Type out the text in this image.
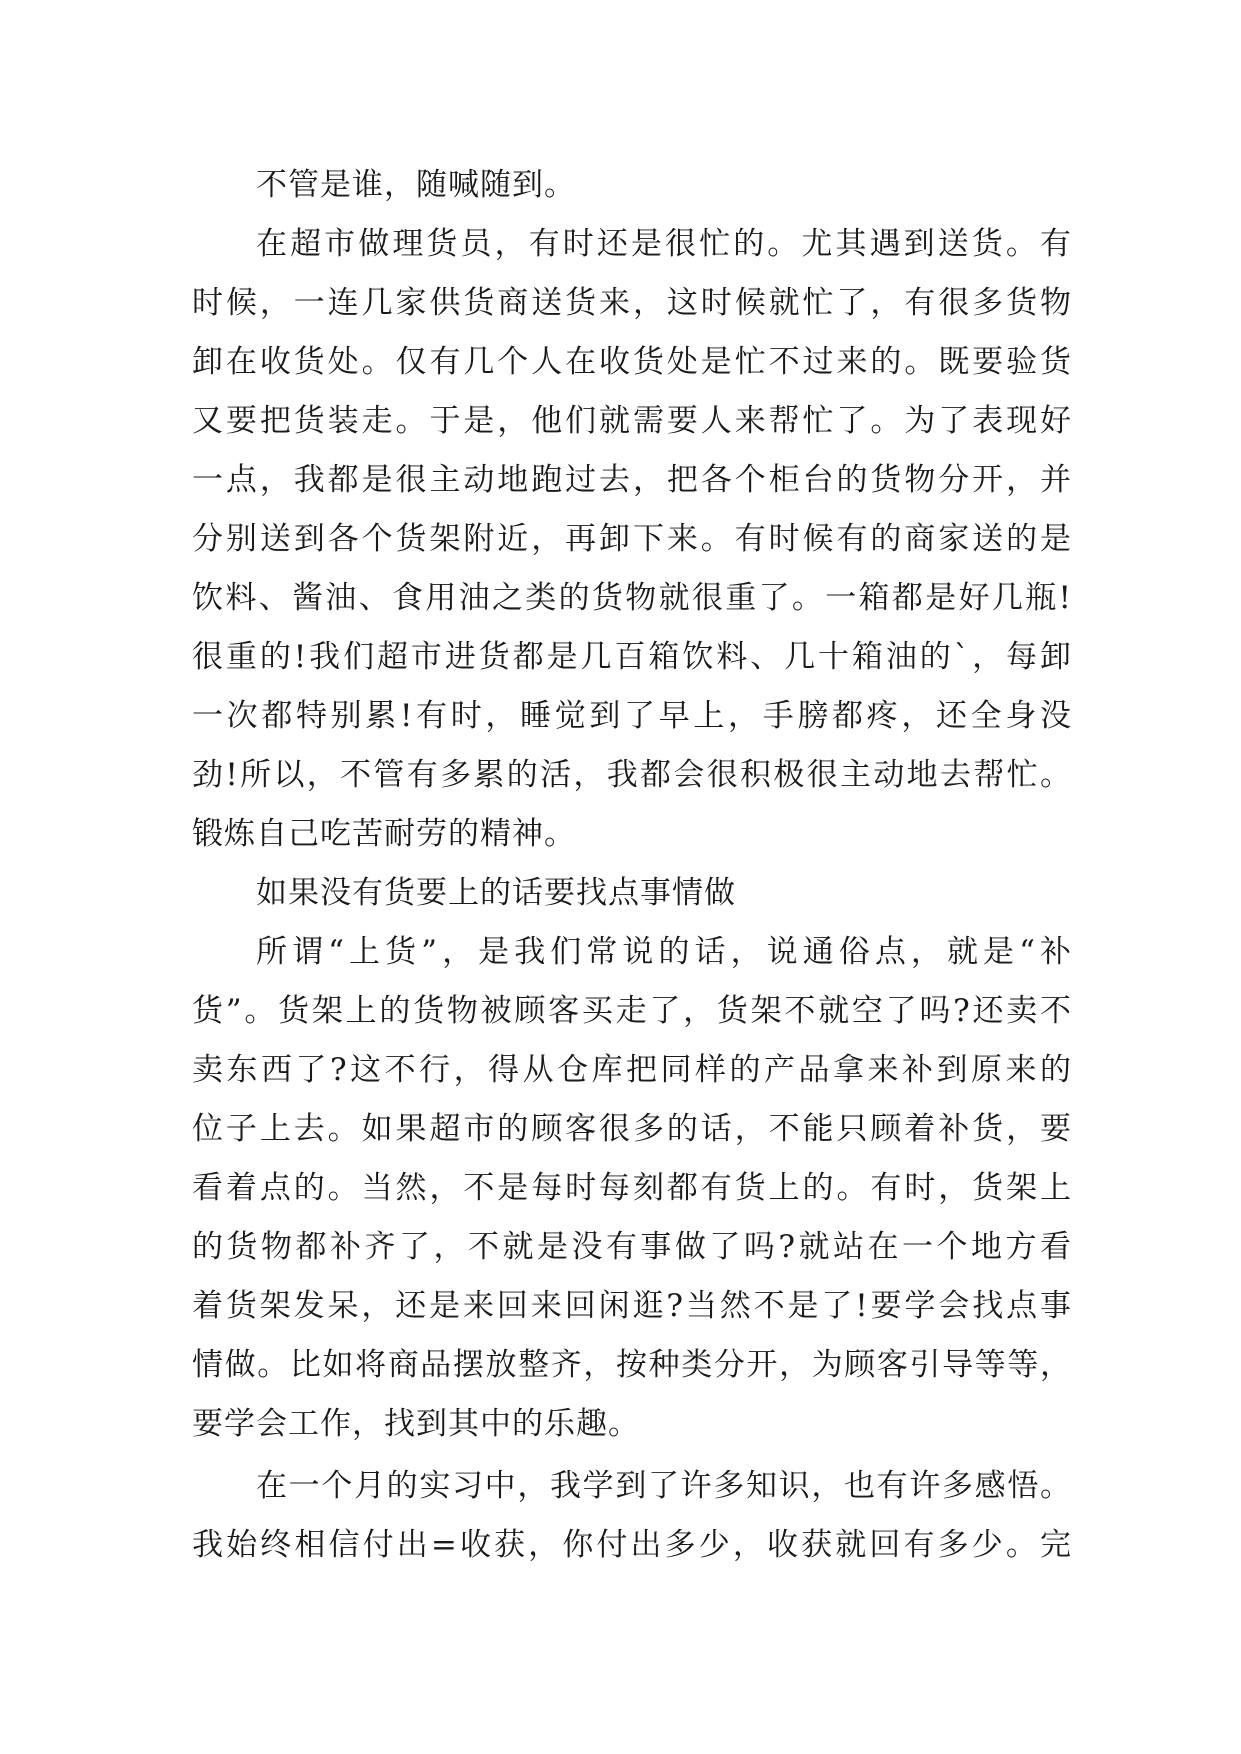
不管是谁，随喊随到。
在超市做理货员，有时还是很忙的。尤其遇到送货。有
时候，一连几家供货商送货来，这时候就忙了，有很多货物
卸在收货处。仅有几个人在收货处是忙不过来的。既要验货
又要把货装走。于是，他们就需要人来帮忙了。为了表现好
一点，我都是很主动地跑过去，把各个柜台的货物分开，并
分别送到各个货架附近，再卸下来。有时候有的商家送的是
饮料、酱油、食用油之类的货物就很重了。一箱都是好几瓶!
很重的!我们超市进货都是几百箱饮料、几十箱油的`，每卸
一次都特别累!有时，睡觉到了早上，手膀都疼，还全身没
劲!所以，不管有多累的活，我都会很积极很主动地去帮忙。
锻炼自己吃苦耐劳的精神。
如果没有货要上的话要找点事情做
所谓“上货”，是我们常说的话，说通俗点，就是“补
货”。货架上的货物被顾客买走了，货架不就空了吗?还卖不
卖东西了?这不行，得从仓库把同样的产品拿来补到原来的
位子上去。如果超市的顾客很多的话，不能只顾着补货，要
看着点的。当然，不是每时每刻都有货上的。有时，货架上
的货物都补齐了，不就是没有事做了吗?就站在一个地方看
着货架发呆，还是来回来回闲逛?当然不是了!要学会找点事
情做。比如将商品摆放整齐，按种类分开，为顾客引导等等，
要学会工作，找到其中的乐趣。
在一个月的实习中，我学到了许多知识，也有许多感悟。
我始终相信付出=收获，你付出多少，收获就回有多少。完
